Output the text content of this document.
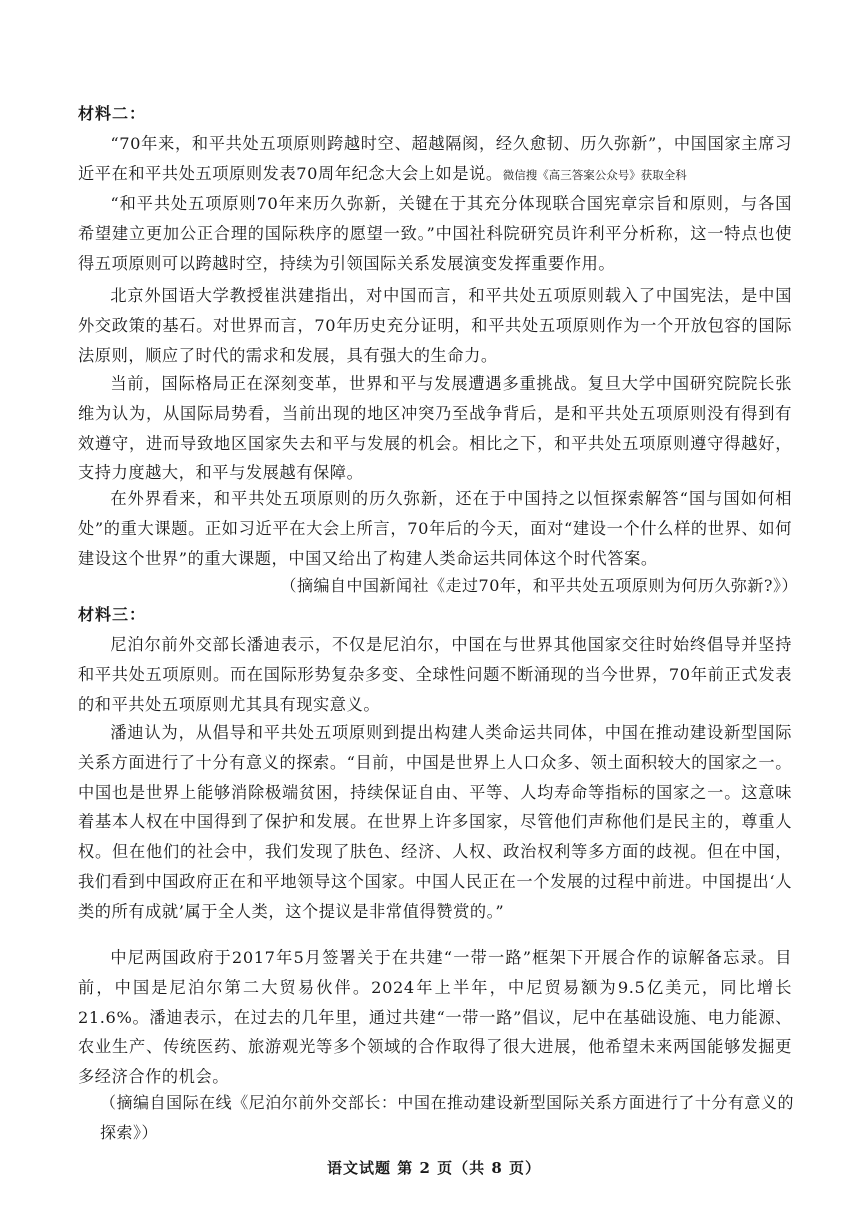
材料二：
“70年来，和平共处五项原则跨越时空、超越隔阂，经久愈韧、历久弥新”，中国国家主席习近平在和平共处五项原则发表70周年纪念大会上如是说。微信搜《高三答案公众号》获取全科
“和平共处五项原则70年来历久弥新，关键在于其充分体现联合国宪章宗旨和原则，与各国希望建立更加公正合理的国际秩序的愿望一致。”中国社科院研究员许利平分析称，这一特点也使得五项原则可以跨越时空，持续为引领国际关系发展演变发挥重要作用。
北京外国语大学教授崔洪建指出，对中国而言，和平共处五项原则载入了中国宪法，是中国外交政策的基石。对世界而言，70年历史充分证明，和平共处五项原则作为一个开放包容的国际法原则，顺应了时代的需求和发展，具有强大的生命力。
当前，国际格局正在深刻变革，世界和平与发展遭遇多重挑战。复旦大学中国研究院院长张维为认为，从国际局势看，当前出现的地区冲突乃至战争背后，是和平共处五项原则没有得到有效遵守，进而导致地区国家失去和平与发展的机会。相比之下，和平共处五项原则遵守得越好，支持力度越大，和平与发展越有保障。
在外界看来，和平共处五项原则的历久弥新，还在于中国持之以恒探索解答“国与国如何相处”的重大课题。正如习近平在大会上所言，70年后的今天，面对“建设一个什么样的世界、如何建设这个世界”的重大课题，中国又给出了构建人类命运共同体这个时代答案。
（摘编自中国新闻社《走过70年，和平共处五项原则为何历久弥新?》）
材料三：
尼泊尔前外交部长潘迪表示，不仅是尼泊尔，中国在与世界其他国家交往时始终倡导并坚持和平共处五项原则。而在国际形势复杂多变、全球性问题不断涌现的当今世界，70年前正式发表的和平共处五项原则尤其具有现实意义。
潘迪认为，从倡导和平共处五项原则到提出构建人类命运共同体，中国在推动建设新型国际关系方面进行了十分有意义的探索。“目前，中国是世界上人口众多、领土面积较大的国家之一。中国也是世界上能够消除极端贫困，持续保证自由、平等、人均寿命等指标的国家之一。这意味着基本人权在中国得到了保护和发展。在世界上许多国家，尽管他们声称他们是民主的，尊重人权。但在他们的社会中，我们发现了肤色、经济、人权、政治权利等多方面的歧视。但在中国，我们看到中国政府正在和平地领导这个国家。中国人民正在一个发展的过程中前进。中国提出‘人类的所有成就’属于全人类，这个提议是非常值得赞赏的。”
中尼两国政府于2017年5月签署关于在共建“一带一路”框架下开展合作的谅解备忘录。目前，中国是尼泊尔第二大贸易伙伴。2024年上半年，中尼贸易额为9.5亿美元，同比增长21.6%。潘迪表示，在过去的几年里，通过共建“一带一路”倡议，尼中在基础设施、电力能源、农业生产、传统医药、旅游观光等多个领域的合作取得了很大进展，他希望未来两国能够发掘更多经济合作的机会。
（摘编自国际在线《尼泊尔前外交部长：中国在推动建设新型国际关系方面进行了十分有意义的探索》）
语文试题 第 2 页（共 8 页）
